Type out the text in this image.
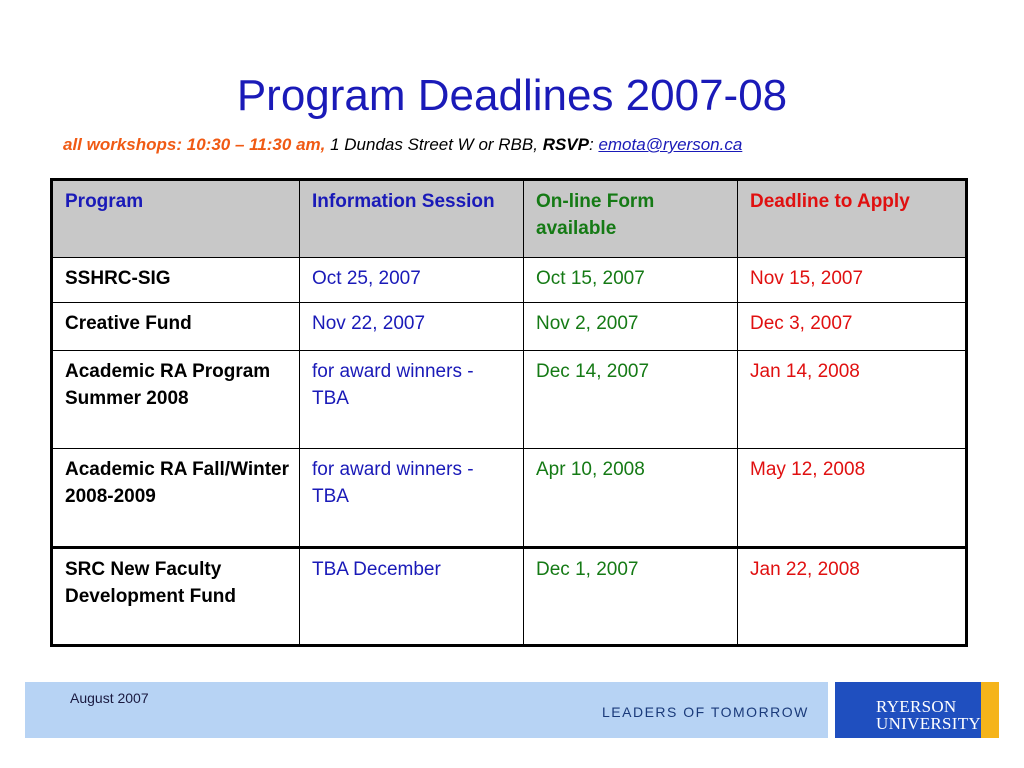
Program Deadlines 2007-08
all workshops: 10:30 – 11:30 am, 1 Dundas Street W or RBB, RSVP: emota@ryerson.ca
Program	Information Session	On-line Form available	Deadline to Apply
SSHRC-SIG	Oct 25, 2007	Oct 15, 2007	Nov 15, 2007
Creative Fund	Nov 22, 2007	Nov 2, 2007	Dec 3, 2007
Academic RA Program Summer 2008	for award winners - TBA	Dec 14, 2007	Jan 14, 2008
Academic RA Fall/Winter 2008-2009	for award winners - TBA	Apr 10, 2008	May 12, 2008
SRC New Faculty Development Fund	TBA December	Dec 1, 2007	Jan 22, 2008
August 2007
LEADERS OF TOMORROW	RYERSON
UNIVERSITY
